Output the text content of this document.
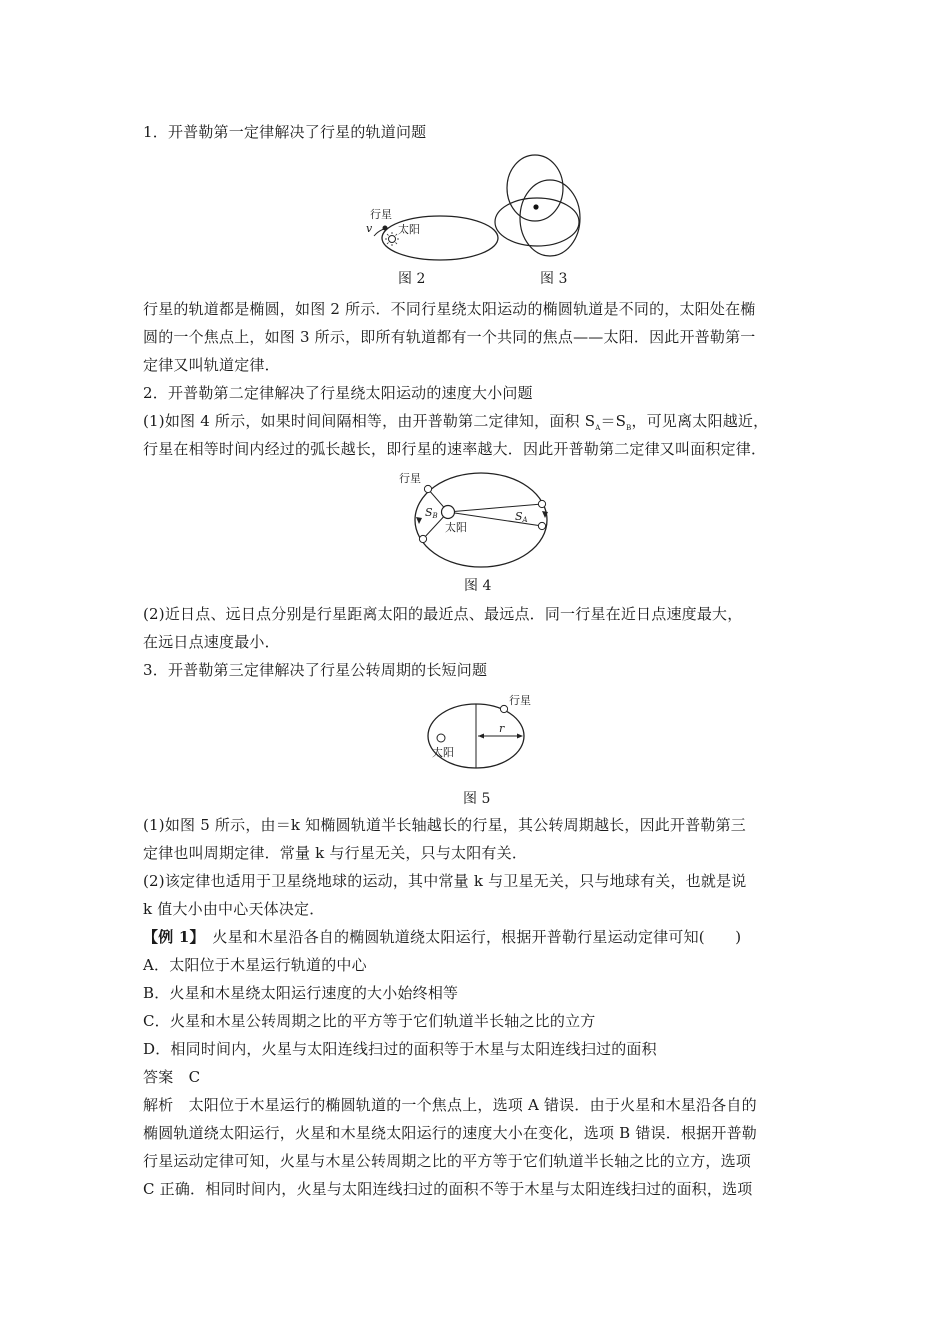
1．开普勒第一定律解决了行星的轨道问题
行星
v 太阳
图 2	图 3
行星的轨道都是椭圆，如图 2 所示．不同行星绕太阳运动的椭圆轨道是不同的，太阳处在椭
圆的一个焦点上，如图 3 所示，即所有轨道都有一个共同的焦点——太阳．因此开普勒第一
定律又叫轨道定律．
2．开普勒第二定律解决了行星绕太阳运动的速度大小问题
(1)如图 4 所示，如果时间间隔相等，由开普勒第二定律知，面积 $S_A=S_B$，可见离太阳越近，
行星在相等时间内经过的弧长越长，即行星的速率越大．因此开普勒第二定律又叫面积定律．
行星
太阳
SB	SA
图 4
(2)近日点、远日点分别是行星距离太阳的最近点、最远点．同一行星在近日点速度最大，
在远日点速度最小．
3．开普勒第三定律解决了行星公转周期的长短问题
行星
太阳
r
图 5
(1)如图 5 所示，由＝k 知椭圆轨道半长轴越长的行星，其公转周期越长，因此开普勒第三
定律也叫周期定律．常量 k 与行星无关，只与太阳有关．
(2)该定律也适用于卫星绕地球的运动，其中常量 k 与卫星无关，只与地球有关，也就是说
k 值大小由中心天体决定．
【例 1】　火星和木星沿各自的椭圆轨道绕太阳运行，根据开普勒行星运动定律可知(　　)
A．太阳位于木星运行轨道的中心
B．火星和木星绕太阳运行速度的大小始终相等
C．火星和木星公转周期之比的平方等于它们轨道半长轴之比的立方
D．相同时间内，火星与太阳连线扫过的面积等于木星与太阳连线扫过的面积
答案　C
解析　太阳位于木星运行的椭圆轨道的一个焦点上，选项 A 错误．由于火星和木星沿各自的
椭圆轨道绕太阳运行，火星和木星绕太阳运行的速度大小在变化，选项 B 错误．根据开普勒
行星运动定律可知，火星与木星公转周期之比的平方等于它们轨道半长轴之比的立方，选项
C 正确．相同时间内，火星与太阳连线扫过的面积不等于木星与太阳连线扫过的面积，选项
